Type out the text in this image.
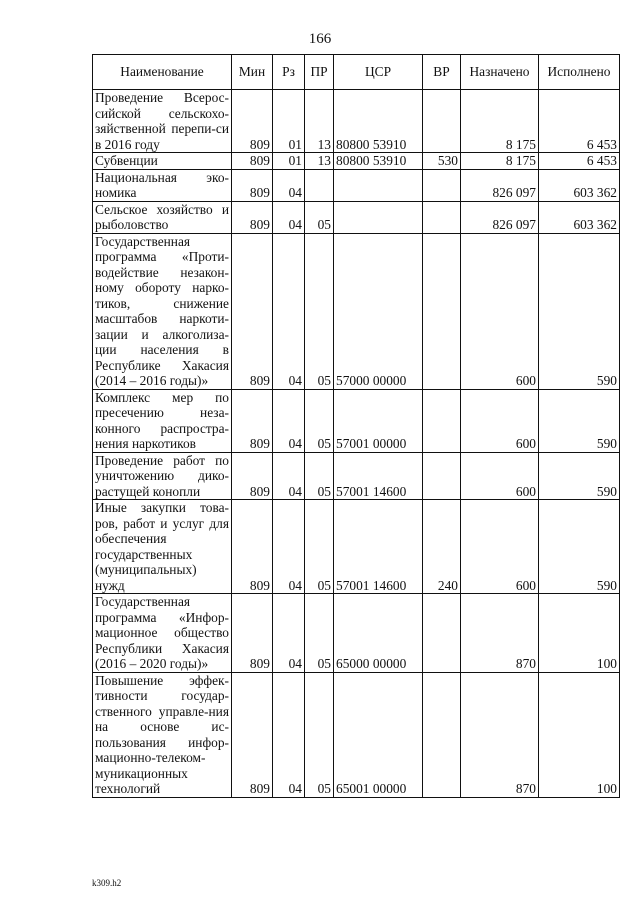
166
Наименование	Мин	Рз	ПР	ЦСР	ВР	Назначено	Исполнено
Проведение Всерос-сийской сельскохо-зяйственной перепи-си в 2016 году	809	01	13	80800 53910		8 175	6 453
Субвенции	809	01	13	80800 53910	530	8 175	6 453
Национальная эко-номика	809	04				826 097	603 362
Сельское хозяйство и рыболовство	809	04	05			826 097	603 362
Государственная программа «Проти-водействие незакон-ному обороту нарко-тиков, снижение масштабов наркоти-зации и алкоголиза-ции населения в Республике Хакасия (2014 – 2016 годы)»	809	04	05	57000 00000		600	590
Комплекс мер по пресечению неза-конного распростра-нения наркотиков	809	04	05	57001 00000		600	590
Проведение работ по уничтожению дико-растущей конопли	809	04	05	57001 14600		600	590
Иные закупки това-ров, работ и услуг для обеспечения государственных (муниципальных) нужд	809	04	05	57001 14600	240	600	590
Государственная программа «Инфор-мационное общество Республики Хакасия (2016 – 2020 годы)»	809	04	05	65000 00000		870	100
Повышение эффек-тивности государ-ственного управле-ния на основе ис-пользования инфор-мационно-телеком-муникационных технологий	809	04	05	65001 00000		870	100
k309.h2
